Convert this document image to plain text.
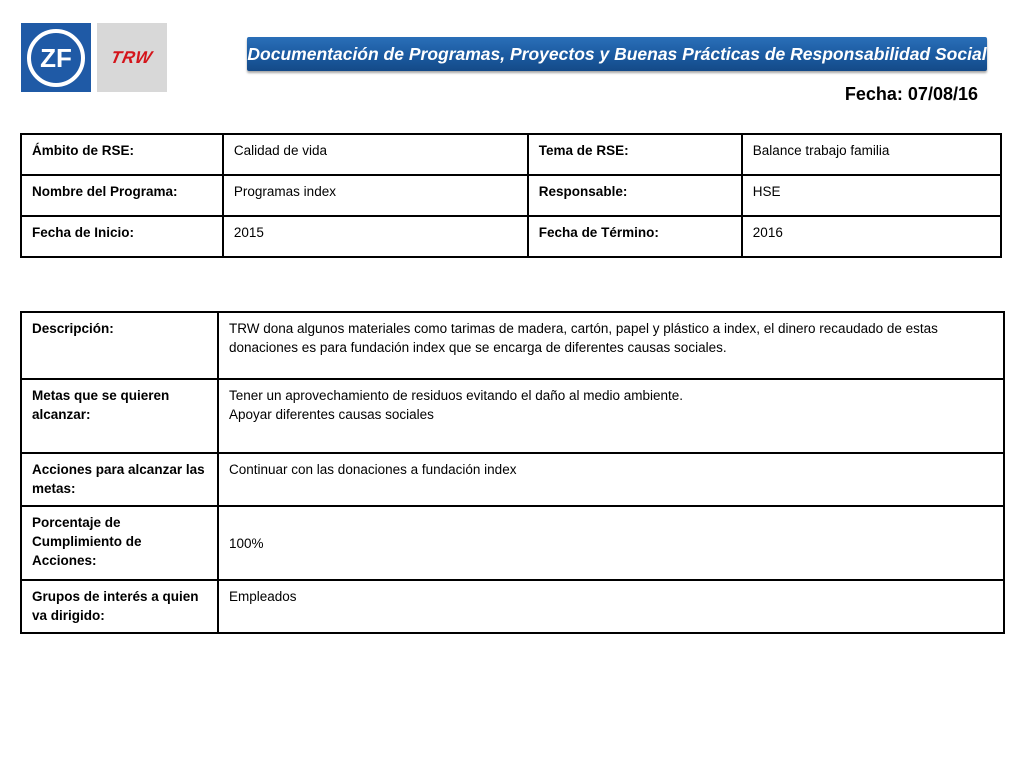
ZF TRW	Documentación de Programas, Proyectos y Buenas Prácticas de Responsabilidad Social
Fecha: 07/08/16
Ámbito de RSE:	Calidad de vida	Tema de RSE:	Balance trabajo familia
Nombre del Programa:	Programas index	Responsable:	HSE
Fecha de Inicio:	2015	Fecha de Término:	2016
Descripción:	TRW dona algunos materiales como tarimas de madera, cartón, papel y plástico a index, el dinero recaudado de estas donaciones es para fundación index que se encarga de diferentes causas sociales.
Metas que se quieren alcanzar:	Tener un aprovechamiento de residuos evitando el daño al medio ambiente.
Apoyar diferentes causas sociales

Acciones para alcanzar las metas:	Continuar con las donaciones a fundación index
Porcentaje de Cumplimiento de Acciones:	100%
Grupos de interés a quien va dirigido:	Empleados
